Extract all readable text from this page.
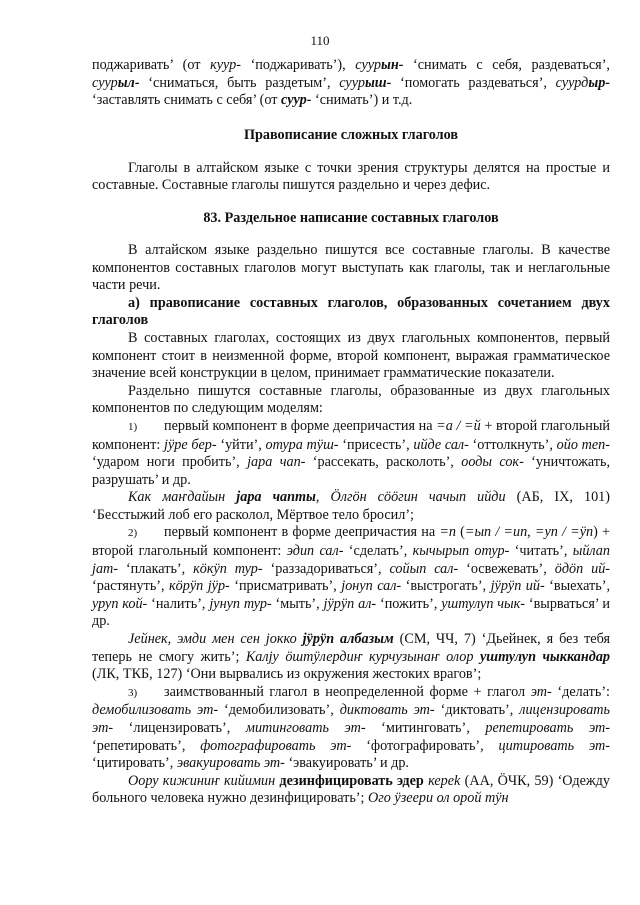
110

поджаривать’ (от куур- ‘поджаривать’), суурын- ‘снимать с себя, раздеваться’, суурыл- ‘сниматься, быть раздетым’, суурыш- ‘помогать раздеваться’, суурдыр- ‘заставлять снимать с себя’ (от суур- ‘снимать’) и т.д.

Правописание сложных глаголов

Глаголы в алтайском языке с точки зрения структуры делятся на простые и составные. Составные глаголы пишутся раздельно и через дефис.

83. Раздельное написание составных глаголов

В алтайском языке раздельно пишутся все составные глаголы. В качестве компонентов составных глаголов могут выступать как глаголы, так и неглагольные части речи.

а) правописание составных глаголов, образованных сочетанием двух глаголов

В составных глаголах, состоящих из двух глагольных компонентов, первый компонент стоит в неизменной форме, второй компонент, выражая грамматическое значение всей конструкции в целом, принимает грамматические показатели.

Раздельно пишутся составные глаголы, образованные из двух глагольных компонентов по следующим моделям:

1) первый компонент в форме деепричастия на =а / =й + второй глагольный компонент: јӱре бер- ‘уйти’, отура тӱш- ‘присесть’, ийде сал- ‘оттолкнуть’, ойо теп- ‘ударом ноги пробить’, јара чап- ‘рассекать, расколоть’, ооды сок- ‘уничтожать, разрушать’ и др.

Как маҥдайын јара чапты, Ӧлгӧн сӧӧгин чачып ийди (АБ, IX, 101) ‘Бесстыжий лоб его расколол, Мёртвое тело бросил’;

2) первый компонент в форме деепричастия на =п (=ып / =ип, =уп / =ӱп) + второй глагольный компонент: эдип сал- ‘сделать’, кычырып отур- ‘читать’, ыйлап јат- ‘плакать’, кӧкӱп тур- ‘раззадориваться’, сойып сал- ‘освежевать’, ӧдӧп ий- ‘растянуть’, кӧрӱп јӱр- ‘присматривать’, јонуп сал- ‘выстрогать’, јӱрӱп ий- ‘выехать’, уруп кой- ‘налить’, јунуп тур- ‘мыть’, јӱрӱп ал- ‘пожить’, уштулуп чык- ‘вырваться’ и др.

Јейнек, эмди мен сен јокко јӱрӱп албазым (СМ, ЧЧ, 7) ‘Дьейнек, я без тебя теперь не смогу жить’; Калју ӧштӱлердиҥ курчузынаҥ олор уштулуп чыккандар (ЛК, ТКБ, 127) ‘Они вырвались из окружения жестоких врагов’;

3) заимствованный глагол в неопределенной форме + глагол эт- ‘делать’: демобилизовать эт- ‘демобилизовать’, диктовать эт- ‘диктовать’, лицензировать эт- ‘лицензировать’, митинговать эт- ‘митинговать’, репетировать эт- ‘репетировать’, фотографировать эт- ‘фотографировать’, цитировать эт- ‘цитировать’, эвакуировать эт- ‘эвакуировать’ и др.

Оору кижиниҥ кийимин дезинфицировать эдер кереk (АА, ӦЧК, 59) ‘Одежду больного человека нужно дезинфицировать’; Ого ӱзеери ол орой тӱн
